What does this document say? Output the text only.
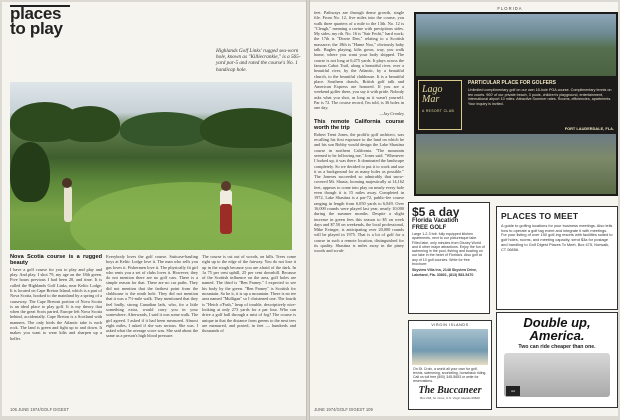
places
to play
Highlands Golf Links' rugged sea-worn hole, known as "Killiecrankie," is a 565-yard par-5 and rated the course's No. 1 handicap hole.
Nova Scotia course is a rugged beauty
I have a golf course for you to play and play and play. And play. I shot 79, my age on the 18th green. Five hours previous I had been 28, and time. It is called the Highlands Golf Links, near Keltic Lodge. It is located on Cape Breton Island, which is a part of Nova Scotia, hooked to the mainland by a spring of a causeway. The Cape Bretoni portion of Nova Scotia is an ideal place to play golf. It is my theory that when the great Scots parted, Europe left Nova Scotia behind, accidentally. Cape Breton is a Scotland with manners. The only birds the Atlantic take is each rock. The land is green and fight up to and down. It makes you want to wear kilts and sharpen up a holler.
Everybody loves the golf course. Suitcase-hauling boys at Keltic Lodge love it. The man who sells you gas loves it. Fishermen love it. The physically fit girl who rents you a set of clubs loves it. However, they do not mention there are no golf cars. There is a simple reason for that. There are no car paths. They did not mention that the farthest point from the clubhouse is the ninth hole. They did not mention that it was a 7½-mile walk. They mentioned that they feel badly, strong Canadian lads, who, for a little something extra, would carry you in your somewhere. Afterwards, I said it was some walk. The girl agreed. I asked if it had been measured. Almost eight miles, I asked if she was serious. She was. I asked what the average score was. She said about the same as a person's high blood pressure.
The course is cut out of woods, on hills. Trees come right up to the edge of the fairway. You do not lose it up in the rough because you are afraid of the dark. In 1a 75 per cent uphill, 25 per cent downhill. Because of the Scottish influence on the area, golf holes are named. The third is "Ben Franey." I expected to see his body by the green. "Ben Franey" is Scottish for mountain. So be it, it is up a mountain. There is no tee area named "Mulligan" so I christened one. The fourth is "Heich o'Fash," heap of trouble, descriptively nice-looking at only 273 yards for a par four. Who can drive a golf ball through a mist of fog? The course is unique in that the distance from greens to the next tees are measured, and posted, in feet — hundreds and thousands of
106 JUNE 1974/GOLF DIGEST
FLORIDA
feet. Pathways are through dense growth, single file. From No. 12, five miles into the course, you walk three quarters of a mile to the 13th. No. 12 is "Cleugh," meaning a ravine with precipitous sides. My sides, my rib. No. 16 is "Sair Fecht," hard work; the 17th is "Dowie Den," relating to a Scottish massacre; the 18th is "Hame Noo," obviously baby talk. Bugles playing, kilts gown, way, you walk home, where you want your body shipped. The course is not long at 6,475 yards. It plays across the famous Cabot Trail, along a beautiful river, over a beautiful river, by the Atlantic, by a beautiful church, to the beautiful clubhouse. It is a beautiful place. Southern drawls, British golf talk and American Express are honored. If you are a weekend golfer there, you say it with pride. Nobody asks what you shot, as long as it wasn't yourself. Par is 72. The course record, I'm told, is 36 holes in one day.
—Jay Cronley
This remote California course worth the trip
Robert Trent Jones, the prolific golf architect, was recalling his first exposure to the land on which he and his son Bobby would design the Lake Shastina course in northern California. "The mountain seemed to be following me," Jones said. "Whenever I looked up, it was there. It dominated the landscape completely. So we decided to put it to work and use it as a background for as many holes as possible." The Joneses succeeded so admirably that snow-covered Mt. Shasta, looming majestically at 14,162 feet, appears to come into play on nearly every hole even though it is 15 miles away. Completed in 1972, Lake Shastina is a par-72, public-fee course ranging in length from 6,050 yards to 6,849. Over 16,000 rounds were played last year, nearly 10,000 during the summer months. Despite a slight increase in green fees this season to $5 on week days and $7.50 on weekends, the local professional, Mike Evinger, is anticipating over 20,000 rounds will be played in 1975. That is a lot of golf for a course in such a remote location, distinguished for its quality. Shastina is miles away in the piney woods and scrub-
Lago
Mar
A RESORT CLUB
PARTICULAR PLACE FOR GOLFERS
Unlimited complimentary golf on our own 18-hole PGA course. Complimentary tennis on ten courts. 900' of our private beach, 3 pools, children's playground, entertainment, international airport 10 miles. Attractive Summer rates. Rooms, efficiencies, apartments. Your inquiry is invited.
FORT LAUDERDALE, FLA.
$5 a day
Florida Vacation
FREE GOLF
Large 1-2-3 bdr. fully equipped kitchen apartments, next to our picturesque lake. Filled lake, only minutes from Disney World and 8 other major attractions. Enjoy the fun of swimming in the pool, fishing and boating on our lake in the heart of Florida's. Also golf at any of 10 golf courses. Write for free brochure:
Skyview Villa Inn, 2148 Skyview Drive, Lakeland, Fla. 33801, (813) 583-5470
PLACES TO MEET
A guide to golfing locations for your business meetings. Also tells how to operate a golf tag event and integrate it with meetings. For your listing of over 150 golf-ing resorts with facilities suited to golf holes, rooms, and meeting capacity, send $3a for postage and handling to Golf Digest Places To Meet, Box 475, Norwalk, CT 06856.
Double up, America.
Two can ride cheaper than one.
Ad Council
VIRGIN ISLANDS
On St. Croix, a world all your own for golf, tennis, swimming, snorkeling, horseback riding. Call us toll free (800) 345-5653 or write for reservations.
The Buccaneer
Box 218, St. Croix, U.S. Virgin Islands 00820
JUNE 1974/GOLF DIGEST 109
